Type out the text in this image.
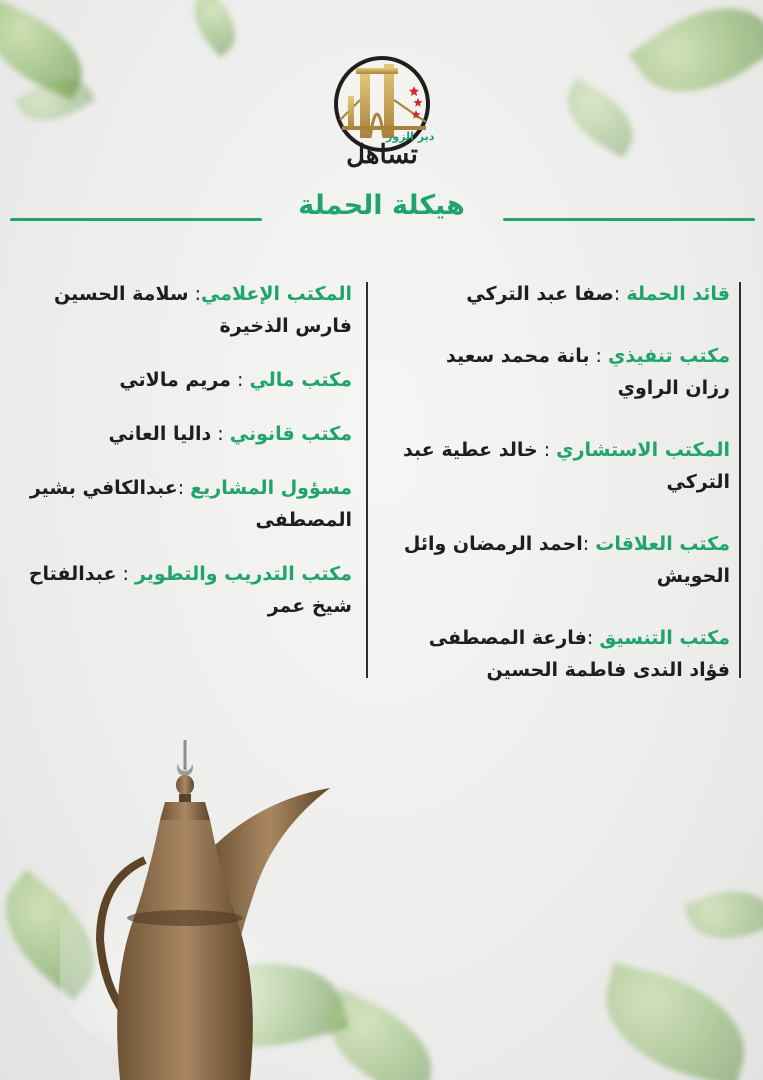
دير الزور
تساهل
هيكلة الحملة
قائد الحملة :صفا عبد التركي
مكتب تنفيذي : بانة محمد سعيد رزان الراوي
المكتب الاستشاري : خالد عطية عبد التركي
مكتب العلاقات :احمد الرمضان وائل الحويش
مكتب التنسيق :فارعة المصطفى فؤاد الندى فاطمة الحسين
المكتب الإعلامي: سلامة الحسين فارس الذخيرة
مكتب مالي : مريم مالاتي
مكتب قانوني : داليا العاني
مسؤول المشاريع :عبدالكافي بشير المصطفى
مكتب التدريب والتطوير : عبدالفتاح شيخ عمر
